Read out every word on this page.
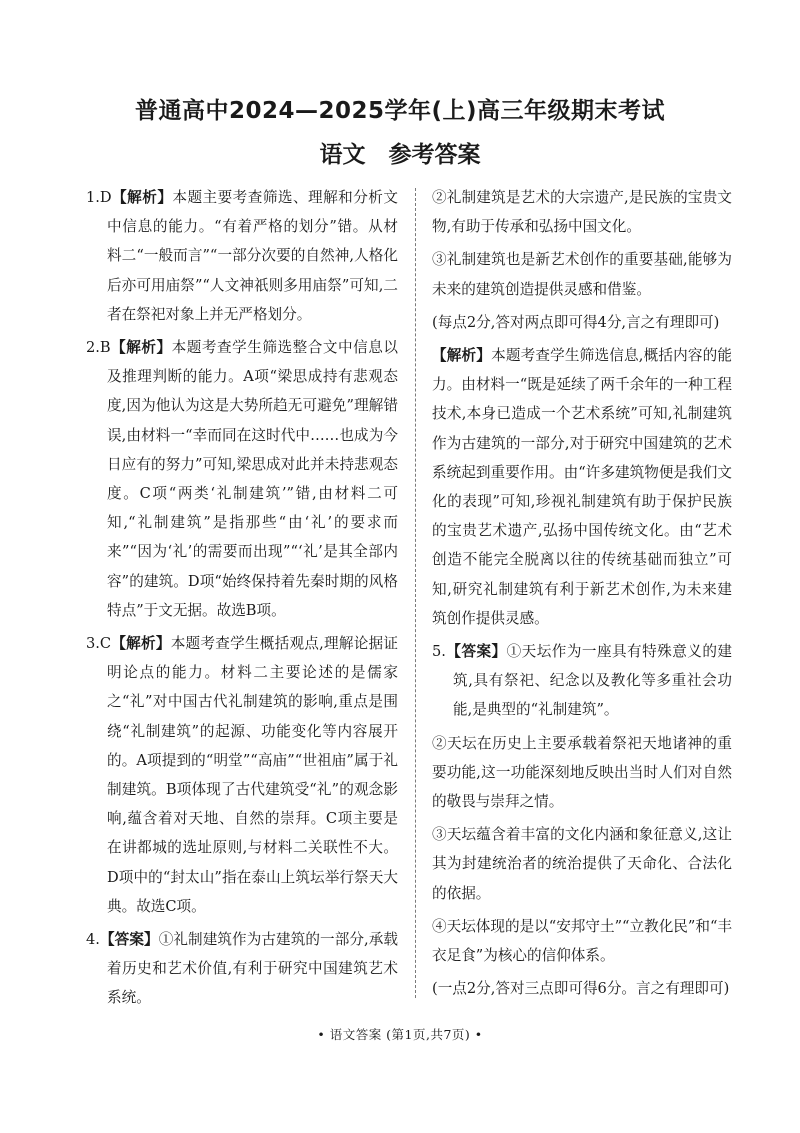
普通高中2024—2025学年(上)高三年级期末考试
语文　参考答案

1.D【解析】本题主要考查筛选、理解和分析文中信息的能力。“有着严格的划分”错。从材料二“一般而言”“一部分次要的自然神,人格化后亦可用庙祭”“人文神祇则多用庙祭”可知,二者在祭祀对象上并无严格划分。

2.B【解析】本题考查学生筛选整合文中信息以及推理判断的能力。A项“梁思成持有悲观态度,因为他认为这是大势所趋无可避免”理解错误,由材料一“幸而同在这时代中……也成为今日应有的努力”可知,梁思成对此并未持悲观态度。C项“两类‘礼制建筑’”错,由材料二可知,“礼制建筑”是指那些“由‘礼’的要求而来”“因为‘礼’的需要而出现”“‘礼’是其全部内容”的建筑。D项“始终保持着先秦时期的风格特点”于文无据。故选B项。

3.C【解析】本题考查学生概括观点,理解论据证明论点的能力。材料二主要论述的是儒家之“礼”对中国古代礼制建筑的影响,重点是围绕“礼制建筑”的起源、功能变化等内容展开的。A项提到的“明堂”“高庙”“世祖庙”属于礼制建筑。B项体现了古代建筑受“礼”的观念影响,蕴含着对天地、自然的崇拜。C项主要是在讲都城的选址原则,与材料二关联性不大。D项中的“封太山”指在泰山上筑坛举行祭天大典。故选C项。

4.【答案】①礼制建筑作为古建筑的一部分,承载着历史和艺术价值,有利于研究中国建筑艺术系统。

②礼制建筑是艺术的大宗遗产,是民族的宝贵文物,有助于传承和弘扬中国文化。

③礼制建筑也是新艺术创作的重要基础,能够为未来的建筑创造提供灵感和借鉴。

(每点2分,答对两点即可得4分,言之有理即可)

【解析】本题考查学生筛选信息,概括内容的能力。由材料一“既是延续了两千余年的一种工程技术,本身已造成一个艺术系统”可知,礼制建筑作为古建筑的一部分,对于研究中国建筑的艺术系统起到重要作用。由“许多建筑物便是我们文化的表现”可知,珍视礼制建筑有助于保护民族的宝贵艺术遗产,弘扬中国传统文化。由“艺术创造不能完全脱离以往的传统基础而独立”可知,研究礼制建筑有利于新艺术创作,为未来建筑创作提供灵感。

5.【答案】①天坛作为一座具有特殊意义的建筑,具有祭祀、纪念以及教化等多重社会功能,是典型的“礼制建筑”。

②天坛在历史上主要承载着祭祀天地诸神的重要功能,这一功能深刻地反映出当时人们对自然的敬畏与崇拜之情。

③天坛蕴含着丰富的文化内涵和象征意义,这让其为封建统治者的统治提供了天命化、合法化的依据。

④天坛体现的是以“安邦守土”“立教化民”和“丰衣足食”为核心的信仰体系。

(一点2分,答对三点即可得6分。言之有理即可)

• 语文答案 (第1页,共7页) •
